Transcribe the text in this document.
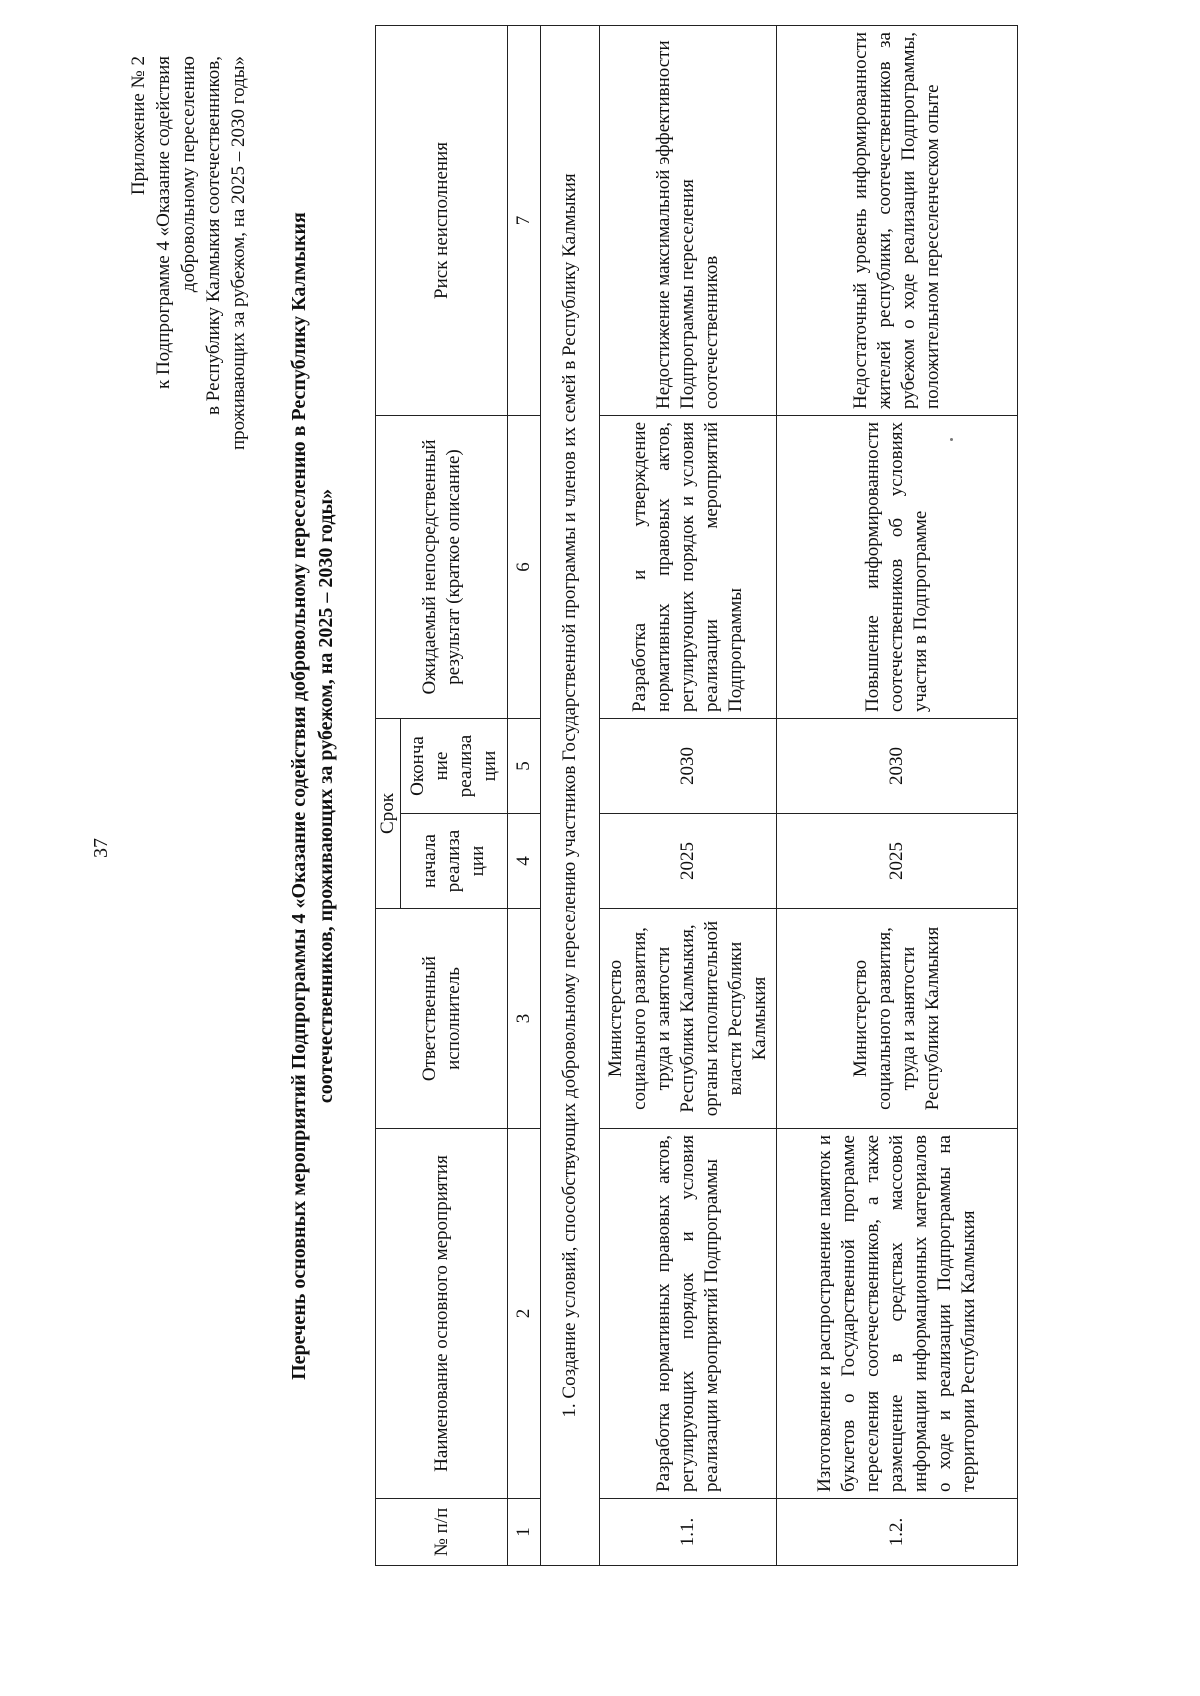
37
Приложение № 2 к Подпрограмме 4 «Оказание содействия добровольному переселению в Республику Калмыкия соотечественников, проживающих за рубежом, на 2025 – 2030 годы» Перечень основных мероприятий Подпрограммы 4 «Оказание содействия добровольному переселению в Республику Калмыкия соотечественников, проживающих за рубежом, на 2025 – 2030 годы»
№ п/п	Наименование основного мероприятия	Ответственный исполнитель	Срок		Ожидаемый непосредственный результат (краткое описание)	Риск неисполнения
			начала реализа ции	Оконча ние реализа ции		
1	2	3	4	5	6	7
1. Создание условий, способствующих добровольному переселению участников Государственной программы и членов их семей в Республику Калмыкия						
1.1.	Разработка нормативных правовых актов, регулирующих порядок и условия реализации мероприятий Подпрограммы	Министерство социального развития, труда и занятости Республики Калмыкия, органы исполнительной власти Республики Калмыкия	2025	2030	Разработка и утверждение нормативных правовых актов, регулирующих порядок и условия реализации мероприятий Подпрограммы	Недостижение максимальной эффективности Подпрограммы переселения соотечественников
1.2.	Изготовление и распространение памяток и буклетов о Государственной программе переселения соотечественников, а также размещение в средствах массовой информации информационных материалов о ходе и реализации Подпрограммы на территории Республики Калмыкия	Министерство социального развития, труда и занятости Республики Калмыкия	2025	2030	Повышение информированности соотечественников об условиях участия в Подпрограмме	Недостаточный уровень информированности жителей республики, соотечественников за рубежом о ходе реализации Подпрограммы, положительном переселенческом опыте
